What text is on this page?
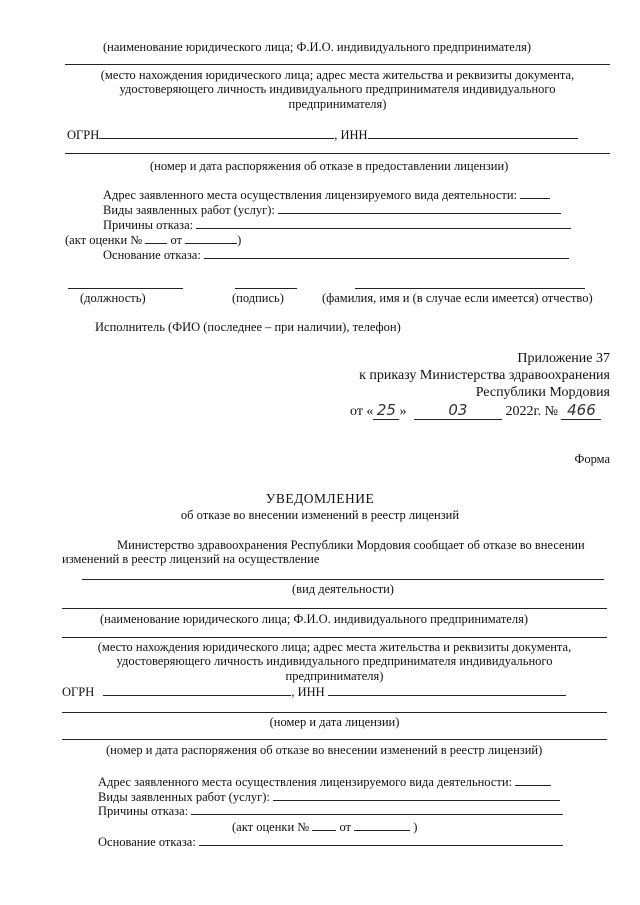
(наименование юридического лица; Ф.И.О. индивидуального предпринимателя)
(место нахождения юридического лица; адрес места жительства и реквизиты документа,
удостоверяющего личность индивидуального предпринимателя индивидуального
предпринимателя)
ОГРН	, ИНН
(номер и дата распоряжения об отказе в предоставлении лицензии)
Адрес заявленного места осуществления лицензируемого вида деятельности:
Виды заявленных работ (услуг):
Причины отказа:
(акт оценки № от	)
Основание отказа:
(должность)	(подпись)	(фамилия, имя и (в случае если имеется) отчество)
Исполнитель (ФИО (последнее – при наличии), телефон)
Приложение 37
к приказу Министерства здравоохранения
Республики Мордовия
от « 25 »	03	2022г. № 466
Форма
УВЕДОМЛЕНИЕ
об отказе во внесении изменений в реестр лицензий
Министерство здравоохранения Республики Мордовия сообщает об отказе во внесении
изменений в реестр лицензий на осуществление
(вид деятельности)
(наименование юридического лица; Ф.И.О. индивидуального предпринимателя)
(место нахождения юридического лица; адрес места жительства и реквизиты документа,
удостоверяющего личность индивидуального предпринимателя индивидуального
предпринимателя)
ОГРН	, ИНН
(номер и дата лицензии)
(номер и дата распоряжения об отказе во внесении изменений в реестр лицензий)
Адрес заявленного места осуществления лицензируемого вида деятельности:
Виды заявленных работ (услуг):
Причины отказа:
(акт оценки № от	)
Основание отказа:
